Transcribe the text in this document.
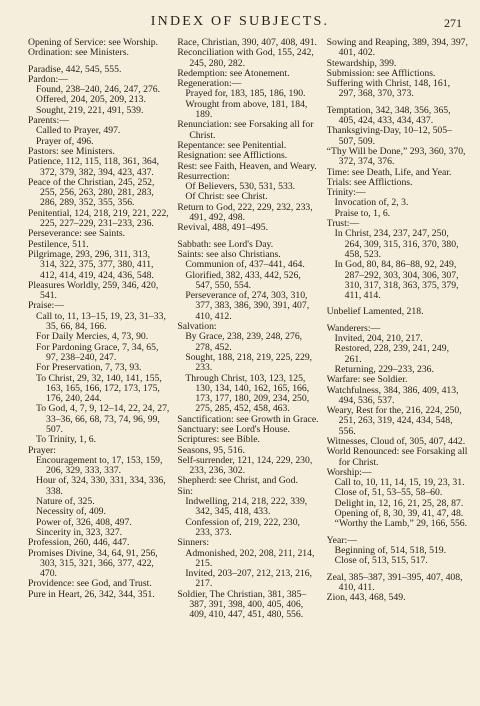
INDEX OF SUBJECTS.	271
Opening of Service: see Worship.
Ordination: see Ministers.
Paradise, 442, 545, 555.
Pardon:—
Found, 238–240, 246, 247, 276.
Offered, 204, 205, 209, 213.
Sought, 219, 221, 491, 539.
Parents:—
Called to Prayer, 497.
Prayer of, 496.
Pastors: see Ministers.
Patience, 112, 115, 118, 361, 364, 372, 379, 382, 394, 423, 437.
Peace of the Christian, 245, 252, 255, 256, 263, 280, 281, 283, 286, 289, 352, 355, 356.
Penitential, 124, 218, 219, 221, 222, 225, 227–229, 231–233, 236.
Perseverance: see Saints.
Pestilence, 511.
Pilgrimage, 293, 296, 311, 313, 314, 322, 375, 377, 380, 411, 412, 414, 419, 424, 436, 548.
Pleasures Worldly, 259, 346, 420, 541.
Praise:—
Call to, 11, 13–15, 19, 23, 31–33, 35, 66, 84, 166.
For Daily Mercies, 4, 73, 90.
For Pardoning Grace, 7, 34, 65, 97, 238–240, 247.
For Preservation, 7, 73, 93.
To Christ, 29, 32, 140, 141, 155, 163, 165, 166, 172, 173, 175, 176, 240, 244.
To God, 4, 7, 9, 12–14, 22, 24, 27, 33–36, 66, 68, 73, 74, 96, 99, 507.
To Trinity, 1, 6.
Prayer:
Encouragement to, 17, 153, 159, 206, 329, 333, 337.
Hour of, 324, 330, 331, 334, 336, 338.
Nature of, 325.
Necessity of, 409.
Power of, 326, 408, 497.
Sincerity in, 323, 327.
Profession, 260, 446, 447.
Promises Divine, 34, 64, 91, 256, 303, 315, 321, 366, 377, 422, 470.
Providence: see God, and Trust.
Pure in Heart, 26, 342, 344, 351.
Race, Christian, 390, 407, 408, 491.
Reconciliation with God, 155, 242, 245, 280, 282.
Redemption: see Atonement.
Regeneration:—
Prayed for, 183, 185, 186, 190.
Wrought from above, 181, 184, 189.
Renunciation: see Forsaking all for Christ.
Repentance: see Penitential.
Resignation: see Afflictions.
Rest: see Faith, Heaven, and Weary.
Resurrection:
Of Believers, 530, 531, 533.
Of Christ: see Christ.
Return to God, 222, 229, 232, 233, 491, 492, 498.
Revival, 488, 491–495.
Sabbath: see Lord's Day.
Saints: see also Christians.
Communion of, 437–441, 464.
Glorified, 382, 433, 442, 526, 547, 550, 554.
Perseverance of, 274, 303, 310, 377, 383, 386, 390, 391, 407, 410, 412.
Salvation:
By Grace, 238, 239, 248, 276, 278, 452.
Sought, 188, 218, 219, 225, 229, 233.
Through Christ, 103, 123, 125, 130, 134, 140, 162, 165, 166, 173, 177, 180, 209, 234, 250, 275, 285, 452, 458, 463.
Sanctification: see Growth in Grace.
Sanctuary: see Lord's House.
Scriptures: see Bible.
Seasons, 95, 516.
Self-surrender, 121, 124, 229, 230, 233, 236, 302.
Shepherd: see Christ, and God.
Sin:
Indwelling, 214, 218, 222, 339, 342, 345, 418, 433.
Confession of, 219, 222, 230, 233, 373.
Sinners:
Admonished, 202, 208, 211, 214, 215.
Invited, 203–207, 212, 213, 216, 217.
Soldier, The Christian, 381, 385–387, 391, 398, 400, 405, 406, 409, 410, 447, 451, 480, 556.
Sowing and Reaping, 389, 394, 397, 401, 402.
Stewardship, 399.
Submission: see Afflictions.
Suffering with Christ, 148, 161, 297, 368, 370, 373.
Temptation, 342, 348, 356, 365, 405, 424, 433, 434, 437.
Thanksgiving-Day, 10–12, 505–507, 509.
“Thy Will be Done,” 293, 360, 370, 372, 374, 376.
Time: see Death, Life, and Year.
Trials: see Afflictions.
Trinity:—
Invocation of, 2, 3.
Praise to, 1, 6.
Trust:—
In Christ, 234, 237, 247, 250, 264, 309, 315, 316, 370, 380, 458, 523.
In God, 80, 84, 86–88, 92, 249, 287–292, 303, 304, 306, 307, 310, 317, 318, 363, 375, 379, 411, 414.
Unbelief Lamented, 218.
Wanderers:—
Invited, 204, 210, 217.
Restored, 228, 239, 241, 249, 261.
Returning, 229–233, 236.
Warfare: see Soldier.
Watchfulness, 384, 386, 409, 413, 494, 536, 537.
Weary, Rest for the, 216, 224, 250, 251, 263, 319, 424, 434, 548, 556.
Witnesses, Cloud of, 305, 407, 442.
World Renounced: see Forsaking all for Christ.
Worship:—
Call to, 10, 11, 14, 15, 19, 23, 31.
Close of, 51, 53–55, 58–60.
Delight in, 12, 16, 21, 25, 28, 87.
Opening of, 8, 30, 39, 41, 47, 48.
“Worthy the Lamb,” 29, 166, 556.
Year:—
Beginning of, 514, 518, 519.
Close of, 513, 515, 517.
Zeal, 385–387, 391–395, 407, 408, 410, 411.
Zion, 443, 468, 549.
